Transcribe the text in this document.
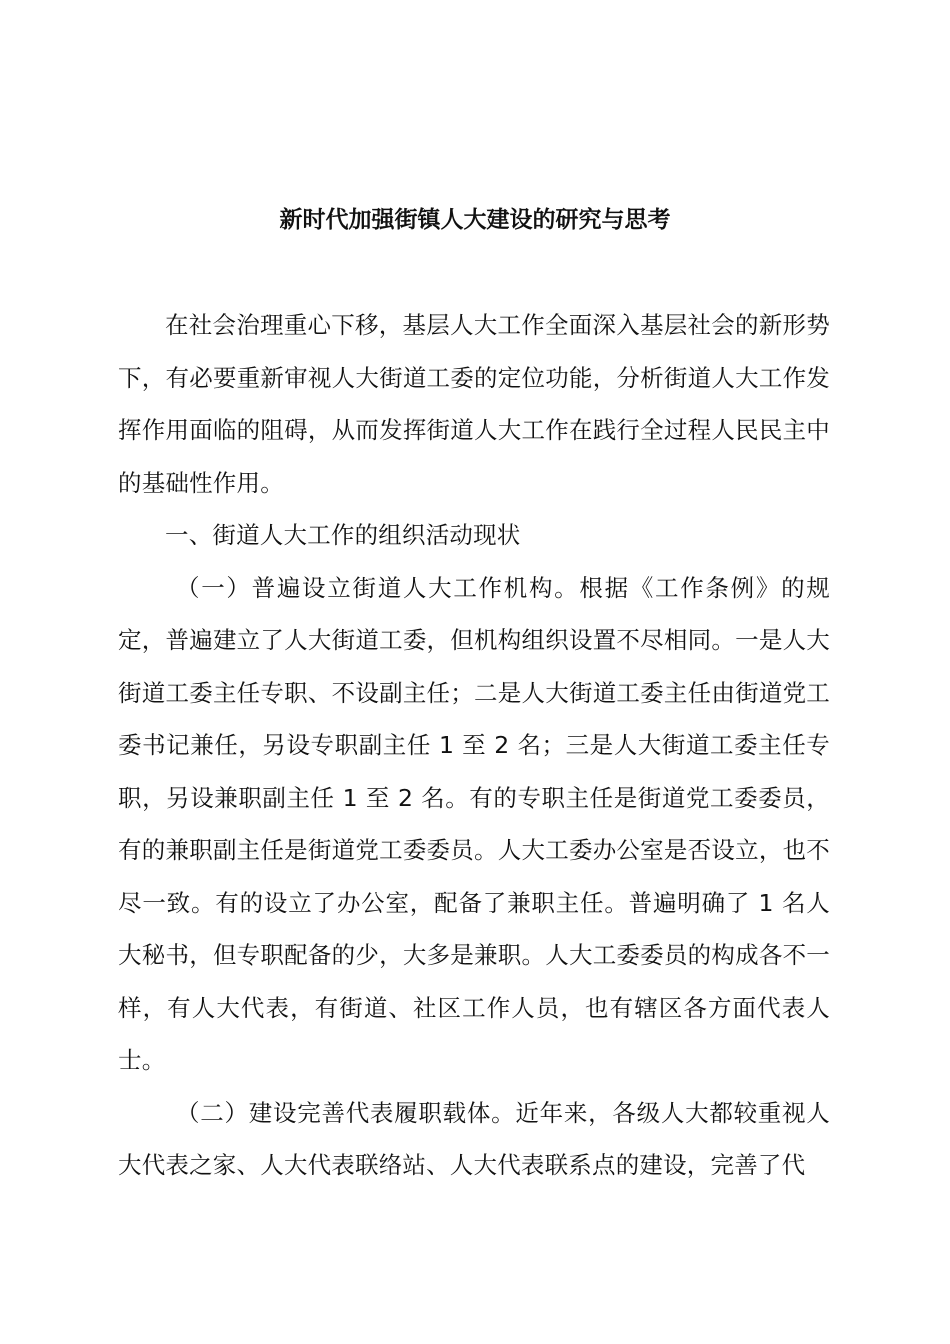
新时代加强街镇人大建设的研究与思考

在社会治理重心下移，基层人大工作全面深入基层社会的新形势下，有必要重新审视人大街道工委的定位功能，分析街道人大工作发挥作用面临的阻碍，从而发挥街道人大工作在践行全过程人民民主中的基础性作用。

一、街道人大工作的组织活动现状

（一）普遍设立街道人大工作机构。根据《工作条例》的规定，普遍建立了人大街道工委，但机构组织设置不尽相同。一是人大街道工委主任专职、不设副主任；二是人大街道工委主任由街道党工委书记兼任，另设专职副主任 1 至 2 名；三是人大街道工委主任专职，另设兼职副主任 1 至 2 名。有的专职主任是街道党工委委员，有的兼职副主任是街道党工委委员。人大工委办公室是否设立，也不尽一致。有的设立了办公室，配备了兼职主任。普遍明确了 1 名人大秘书，但专职配备的少，大多是兼职。人大工委委员的构成各不一样，有人大代表，有街道、社区工作人员，也有辖区各方面代表人士。

（二）建设完善代表履职载体。近年来，各级人大都较重视人大代表之家、人大代表联络站、人大代表联系点的建设，完善了代
